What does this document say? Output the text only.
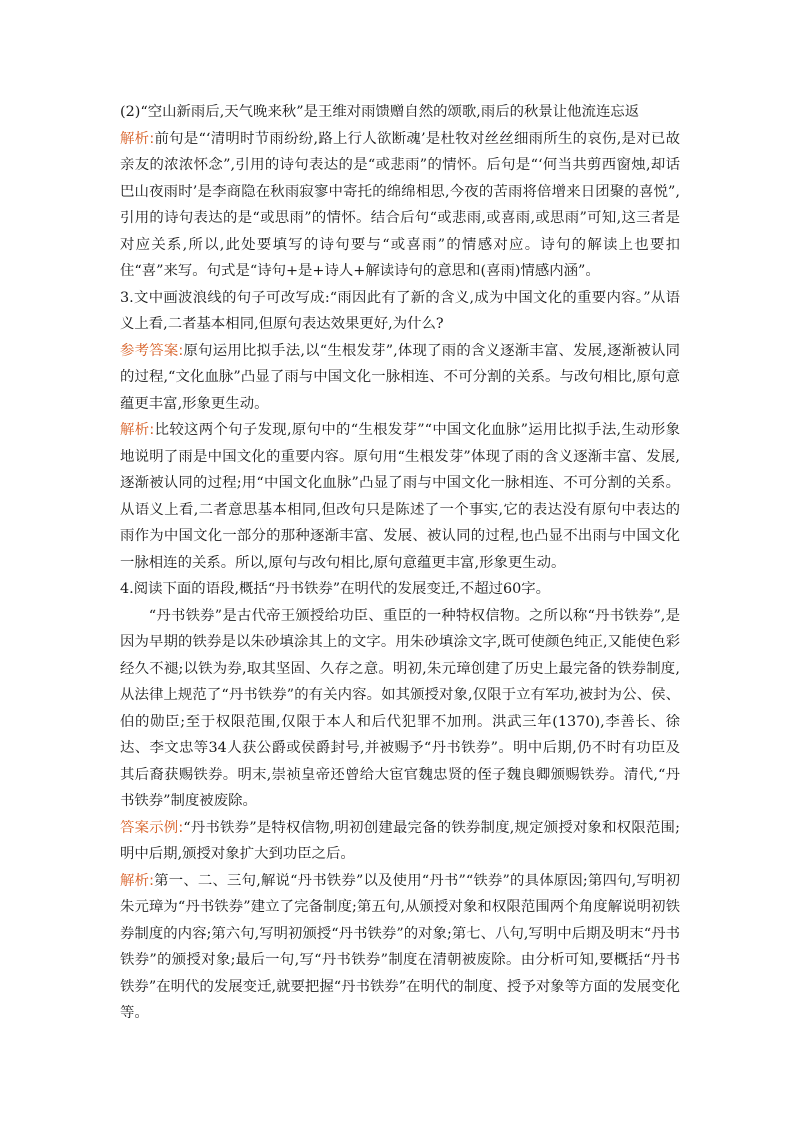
(2)“空山新雨后,天气晚来秋”是王维对雨馈赠自然的颂歌,雨后的秋景让他流连忘返

解析:前句是“‘清明时节雨纷纷,路上行人欲断魂’是杜牧对丝丝细雨所生的哀伤,是对已故亲友的浓浓怀念”,引用的诗句表达的是“或悲雨”的情怀。后句是“‘何当共剪西窗烛,却话巴山夜雨时’是李商隐在秋雨寂寥中寄托的绵绵相思,今夜的苦雨将倍增来日团聚的喜悦”,引用的诗句表达的是“或思雨”的情怀。结合后句“或悲雨,或喜雨,或思雨”可知,这三者是对应关系,所以,此处要填写的诗句要与“或喜雨”的情感对应。诗句的解读上也要扣住“喜”来写。句式是“诗句+是+诗人+解读诗句的意思和(喜雨)情感内涵”。

3.文中画波浪线的句子可改写成:“雨因此有了新的含义,成为中国文化的重要内容。”从语义上看,二者基本相同,但原句表达效果更好,为什么?

参考答案:原句运用比拟手法,以“生根发芽”,体现了雨的含义逐渐丰富、发展,逐渐被认同的过程,“文化血脉”凸显了雨与中国文化一脉相连、不可分割的关系。与改句相比,原句意蕴更丰富,形象更生动。

解析:比较这两个句子发现,原句中的“生根发芽”“中国文化血脉”运用比拟手法,生动形象地说明了雨是中国文化的重要内容。原句用“生根发芽”体现了雨的含义逐渐丰富、发展,逐渐被认同的过程;用“中国文化血脉”凸显了雨与中国文化一脉相连、不可分割的关系。从语义上看,二者意思基本相同,但改句只是陈述了一个事实,它的表达没有原句中表达的雨作为中国文化一部分的那种逐渐丰富、发展、被认同的过程,也凸显不出雨与中国文化一脉相连的关系。所以,原句与改句相比,原句意蕴更丰富,形象更生动。

4.阅读下面的语段,概括“丹书铁券”在明代的发展变迁,不超过60字。

“丹书铁券”是古代帝王颁授给功臣、重臣的一种特权信物。之所以称“丹书铁券”,是因为早期的铁券是以朱砂填涂其上的文字。用朱砂填涂文字,既可使颜色纯正,又能使色彩经久不褪;以铁为券,取其坚固、久存之意。明初,朱元璋创建了历史上最完备的铁券制度,从法律上规范了“丹书铁券”的有关内容。如其颁授对象,仅限于立有军功,被封为公、侯、伯的勋臣;至于权限范围,仅限于本人和后代犯罪不加刑。洪武三年(1370),李善长、徐达、李文忠等34人获公爵或侯爵封号,并被赐予“丹书铁券”。明中后期,仍不时有功臣及其后裔获赐铁券。明末,崇祯皇帝还曾给大宦官魏忠贤的侄子魏良卿颁赐铁券。清代,“丹书铁券”制度被废除。

答案示例:“丹书铁券”是特权信物,明初创建最完备的铁券制度,规定颁授对象和权限范围;明中后期,颁授对象扩大到功臣之后。

解析:第一、二、三句,解说“丹书铁券”以及使用“丹书”“铁券”的具体原因;第四句,写明初朱元璋为“丹书铁券”建立了完备制度;第五句,从颁授对象和权限范围两个角度解说明初铁券制度的内容;第六句,写明初颁授“丹书铁券”的对象;第七、八句,写明中后期及明末“丹书铁券”的颁授对象;最后一句,写“丹书铁券”制度在清朝被废除。由分析可知,要概括“丹书铁券”在明代的发展变迁,就要把握“丹书铁券”在明代的制度、授予对象等方面的发展变化等。
